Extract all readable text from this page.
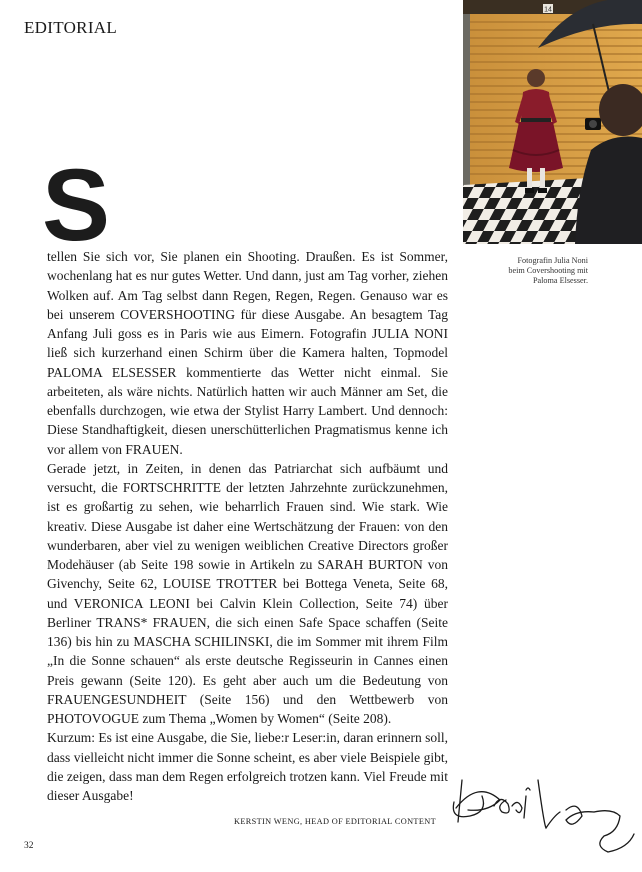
EDITORIAL
14
Fotografin Julia Noni beim Covershooting mit Paloma Elsesser.
S

tellen Sie sich vor, Sie planen ein Shooting. Draußen. Es ist Sommer, wochenlang hat es nur gutes Wetter. Und dann, just am Tag vorher, ziehen Wolken auf. Am Tag selbst dann Regen, Regen, Regen. Genauso war es bei unserem COVERSHOOTING für diese Ausgabe. An besagtem Tag Anfang Juli goss es in Paris wie aus Eimern. Fotografin JULIA NONI ließ sich kurzerhand einen Schirm über die Kamera halten, Topmodel PALOMA ELSESSER kommentierte das Wetter nicht einmal. Sie arbeiteten, als wäre nichts. Natürlich hatten wir auch Männer am Set, die ebenfalls durchzogen, wie etwa der Stylist Harry Lambert. Und dennoch: Diese Standhaftigkeit, diesen unerschütterlichen Pragmatismus kenne ich vor allem von FRAUEN.

Gerade jetzt, in Zeiten, in denen das Patriarchat sich aufbäumt und versucht, die FORTSCHRITTE der letzten Jahrzehnte zurückzunehmen, ist es großartig zu sehen, wie beharrlich Frauen sind. Wie stark. Wie kreativ. Diese Ausgabe ist daher eine Wertschätzung der Frauen: von den wunderbaren, aber viel zu wenigen weiblichen Creative Directors großer Modehäuser (ab Seite 198 sowie in Artikeln zu SARAH BURTON von Givenchy, Seite 62, LOUISE TROTTER bei Bottega Veneta, Seite 68, und VERONICA LEONI bei Calvin Klein Collection, Seite 74) über Berliner TRANS* FRAUEN, die sich einen Safe Space schaffen (Seite 136) bis hin zu MASCHA SCHILINSKI, die im Sommer mit ihrem Film „In die Sonne schauen“ als erste deutsche Regisseurin in Cannes einen Preis gewann (Seite 120). Es geht aber auch um die Bedeutung von FRAUENGESUNDHEIT (Seite 156) und den Wettbewerb von PHOTOVOGUE zum Thema „Women by Women“ (Seite 208).

Kurzum: Es ist eine Ausgabe, die Sie, liebe:r Leser:in, daran erinnern soll, dass vielleicht nicht immer die Sonne scheint, es aber viele Beispiele gibt, die zeigen, dass man dem Regen erfolgreich trotzen kann. Viel Freude mit dieser Ausgabe!

KERSTIN WENG, HEAD OF EDITORIAL CONTENT
32
